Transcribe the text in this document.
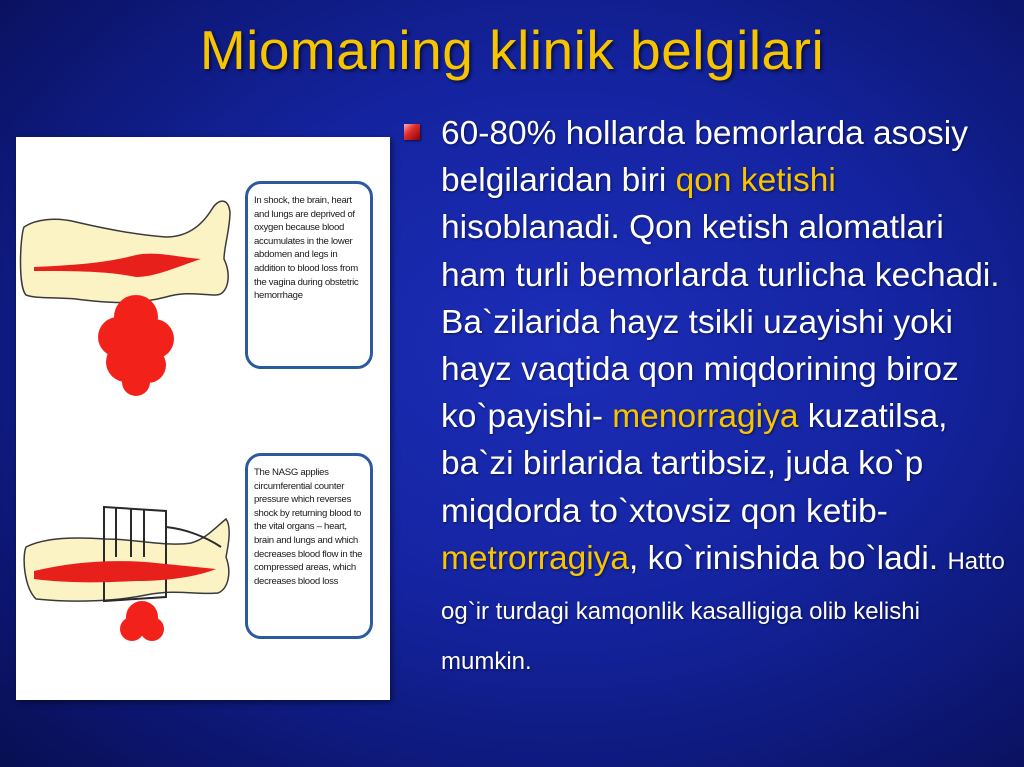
Miomaning klinik belgilari
In shock, the brain, heart and lungs are deprived of oxygen because blood accumulates in the lower abdomen and legs in addition to blood loss from the vagina during obstetric hemorrhage
The NASG applies circumferential counter pressure which reverses shock by returning blood to the vital organs – heart, brain and lungs and which decreases blood flow in the compressed areas, which decreases blood loss
60-80% hollarda bemorlarda asosiy belgilaridan biri qon ketishi hisoblanadi. Qon ketish alomatlari ham turli bemorlarda turlicha kechadi. Ba`zilarida hayz tsikli uzayishi yoki hayz vaqtida qon miqdorining biroz ko`payishi- menorragiya kuzatilsa, ba`zi birlarida tartibsiz, juda ko`p miqdorda to`xtovsiz qon ketib-metrorragiya, ko`rinishida bo`ladi. Hatto og`ir turdagi kamqonlik kasalligiga olib kelishi mumkin.
